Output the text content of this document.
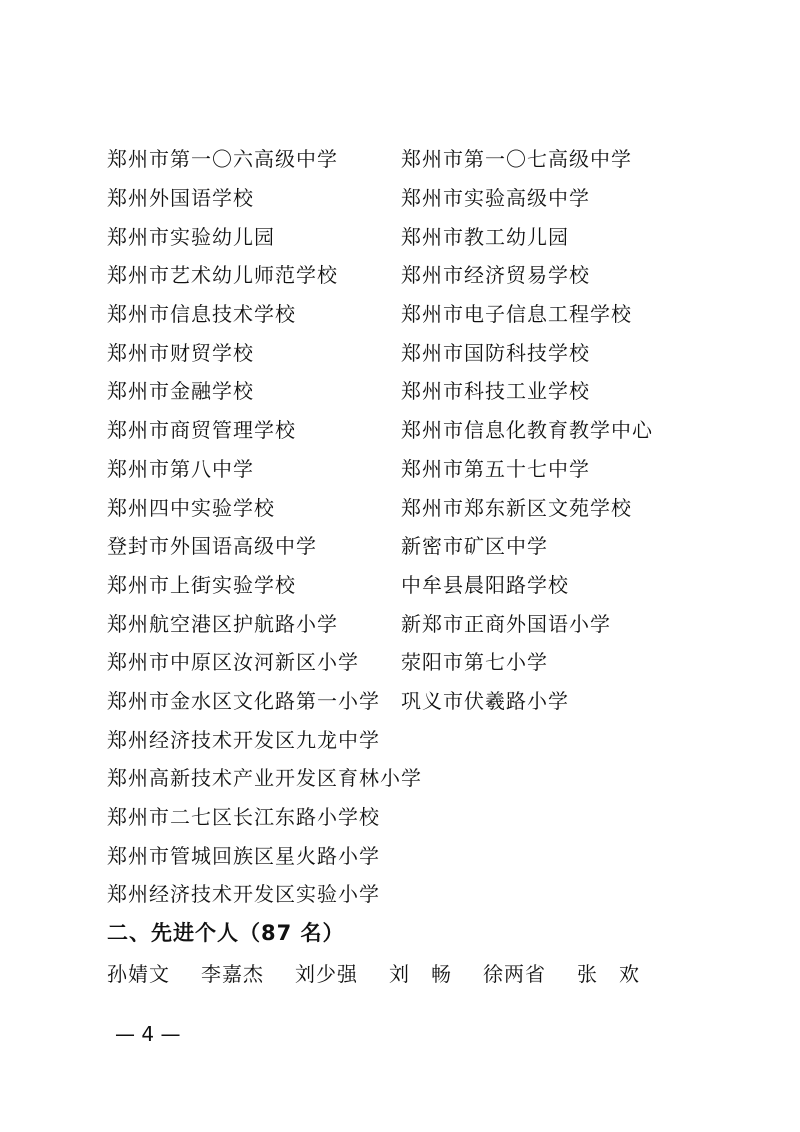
郑州市第一〇六高级中学	郑州市第一〇七高级中学
郑州外国语学校	郑州市实验高级中学
郑州市实验幼儿园	郑州市教工幼儿园
郑州市艺术幼儿师范学校	郑州市经济贸易学校
郑州市信息技术学校	郑州市电子信息工程学校
郑州市财贸学校	郑州市国防科技学校
郑州市金融学校	郑州市科技工业学校
郑州市商贸管理学校	郑州市信息化教育教学中心
郑州市第八中学	郑州市第五十七中学
郑州四中实验学校	郑州市郑东新区文苑学校
登封市外国语高级中学	新密市矿区中学
郑州市上街实验学校	中牟县晨阳路学校
郑州航空港区护航路小学	新郑市正商外国语小学
郑州市中原区汝河新区小学	荥阳市第七小学
郑州市金水区文化路第一小学	巩义市伏羲路小学
郑州经济技术开发区九龙中学
郑州高新技术产业开发区育林小学
郑州市二七区长江东路小学校
郑州市管城回族区星火路小学
郑州经济技术开发区实验小学
二、先进个人（87 名）
孙婧文	李嘉杰	刘少强	刘　畅	徐两省	张　欢
— 4 —
